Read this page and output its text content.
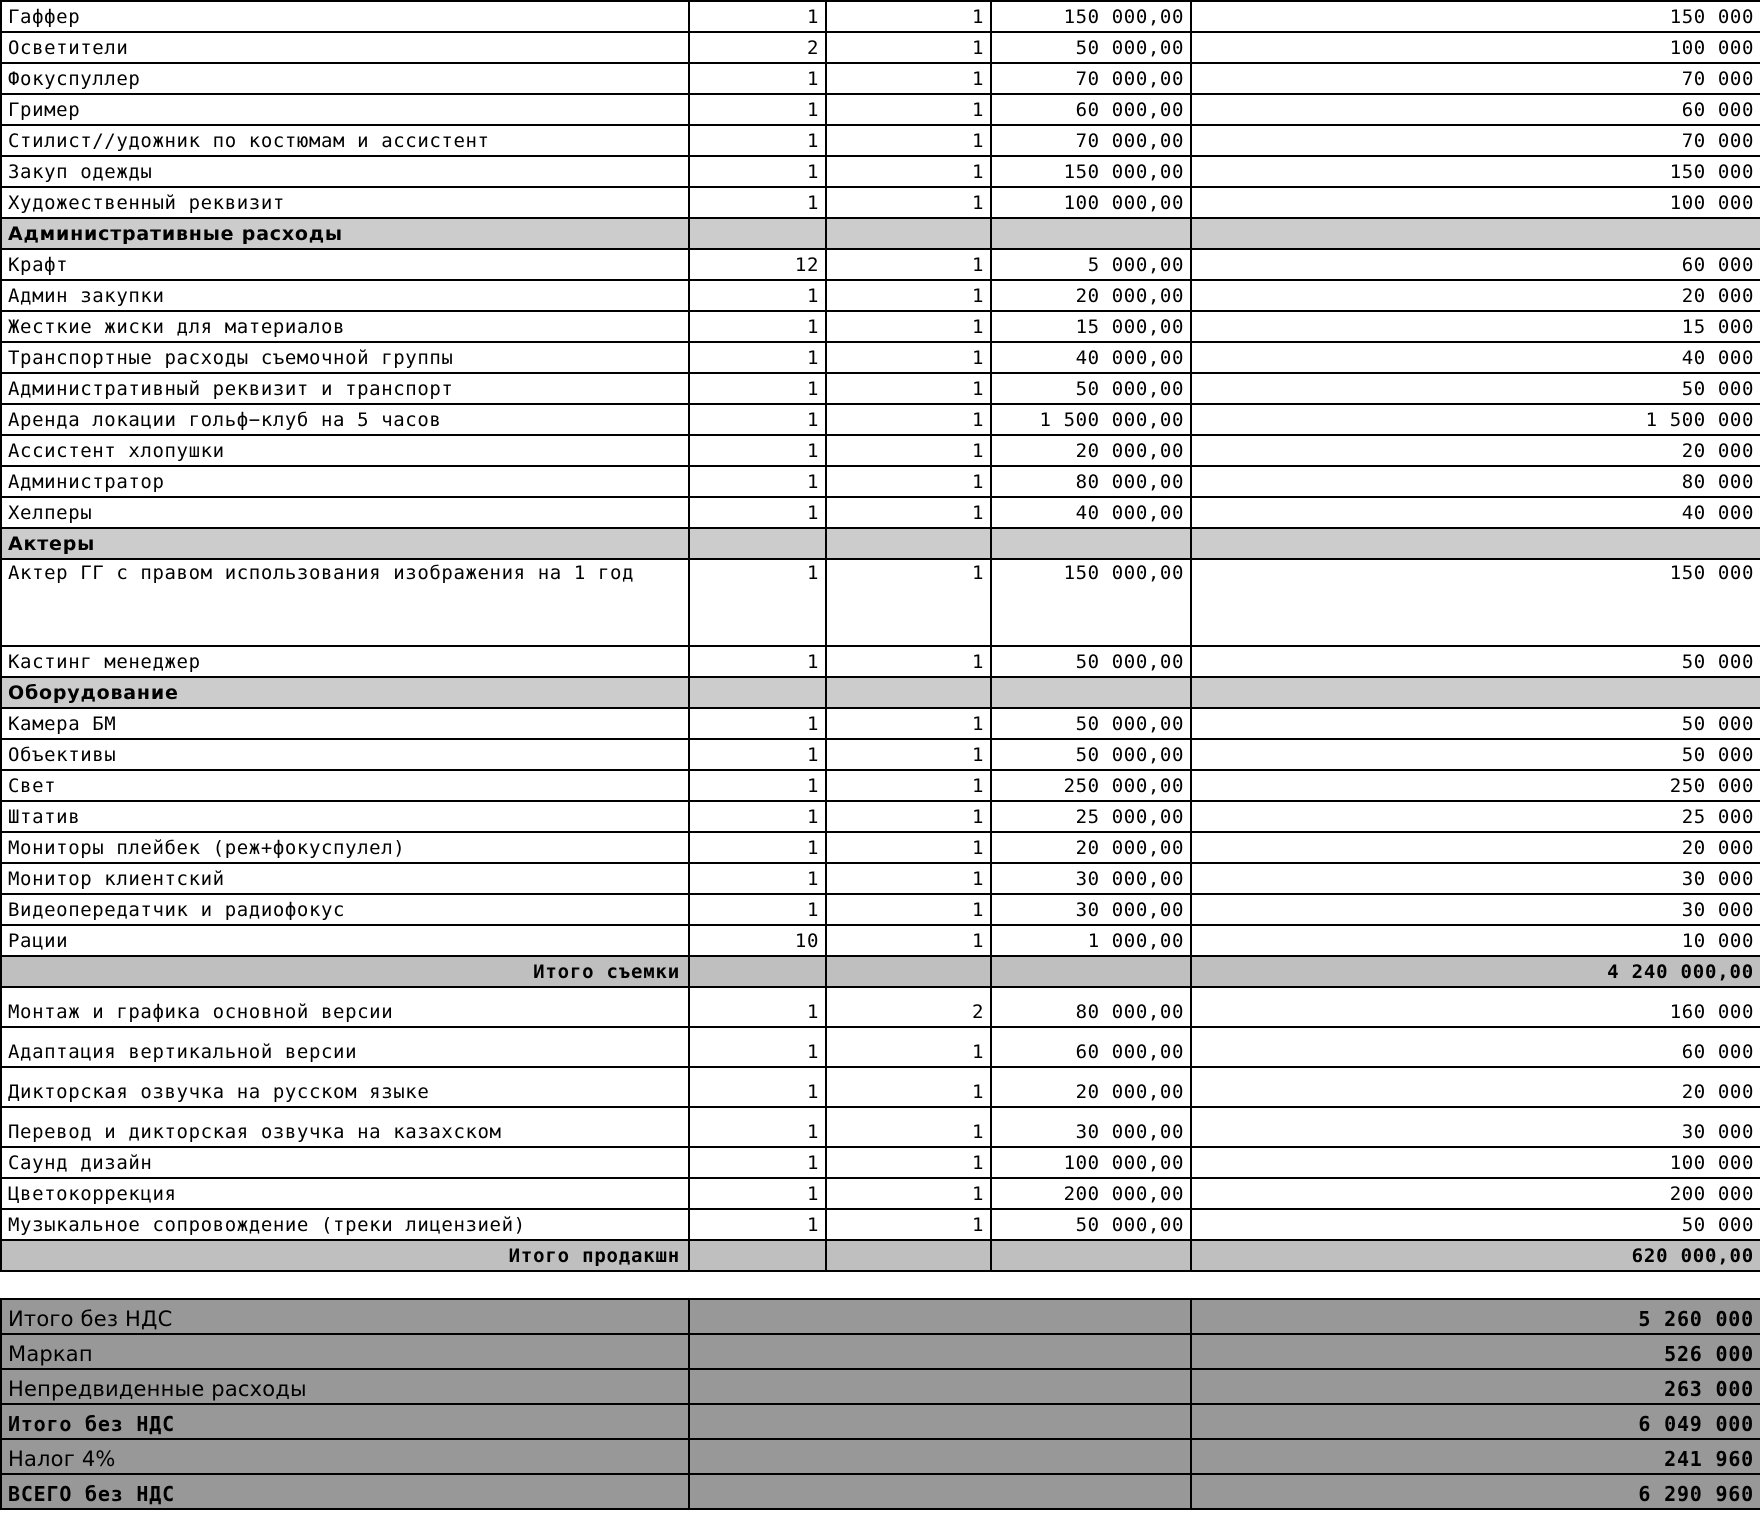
Гаффер	1	1	150 000,00	150 000
Осветители	2	1	50 000,00	100 000
Фокуспуллер	1	1	70 000,00	70 000
Гример	1	1	60 000,00	60 000
Стилист//удожник по костюмам и ассистент	1	1	70 000,00	70 000
Закуп одежды	1	1	150 000,00	150 000
Художественный реквизит	1	1	100 000,00	100 000
Административные расходы				
Крафт	12	1	5 000,00	60 000
Админ закупки	1	1	20 000,00	20 000
Жесткие жиски для материалов	1	1	15 000,00	15 000
Транспортные расходы съемочной группы	1	1	40 000,00	40 000
Административный реквизит и транспорт	1	1	50 000,00	50 000
Аренда локации гольф−клуб на 5 часов	1	1	1 500 000,00	1 500 000
Ассистент хлопушки	1	1	20 000,00	20 000
Администратор	1	1	80 000,00	80 000
Хелперы	1	1	40 000,00	40 000
Актеры				
Актер ГГ с правом использования изображения на 1 год	1	1	150 000,00	150 000
Кастинг менеджер	1	1	50 000,00	50 000
Оборудование				
Камера БМ	1	1	50 000,00	50 000
Объективы	1	1	50 000,00	50 000
Свет	1	1	250 000,00	250 000
Штатив	1	1	25 000,00	25 000
Мониторы плейбек (реж+фокуспулел)	1	1	20 000,00	20 000
Монитор клиентский	1	1	30 000,00	30 000
Видеопередатчик и радиофокус	1	1	30 000,00	30 000
Рации	10	1	1 000,00	10 000
Итого съемки				4 240 000,00
Монтаж и графика основной версии	1	2	80 000,00	160 000
Адаптация вертикальной версии	1	1	60 000,00	60 000
Дикторская озвучка на русском языке	1	1	20 000,00	20 000
Перевод и дикторская озвучка на казахском	1	1	30 000,00	30 000
Саунд дизайн	1	1	100 000,00	100 000
Цветокоррекция	1	1	200 000,00	200 000
Музыкальное сопровождение (треки лицензией)	1	1	50 000,00	50 000
Итого продакшн				620 000,00
Итого без НДС		5 260 000
Маркап		526 000
Непредвиденные расходы		263 000
Итого без НДС		6 049 000
Налог 4%		241 960
ВСЕГО без НДС		6 290 960
